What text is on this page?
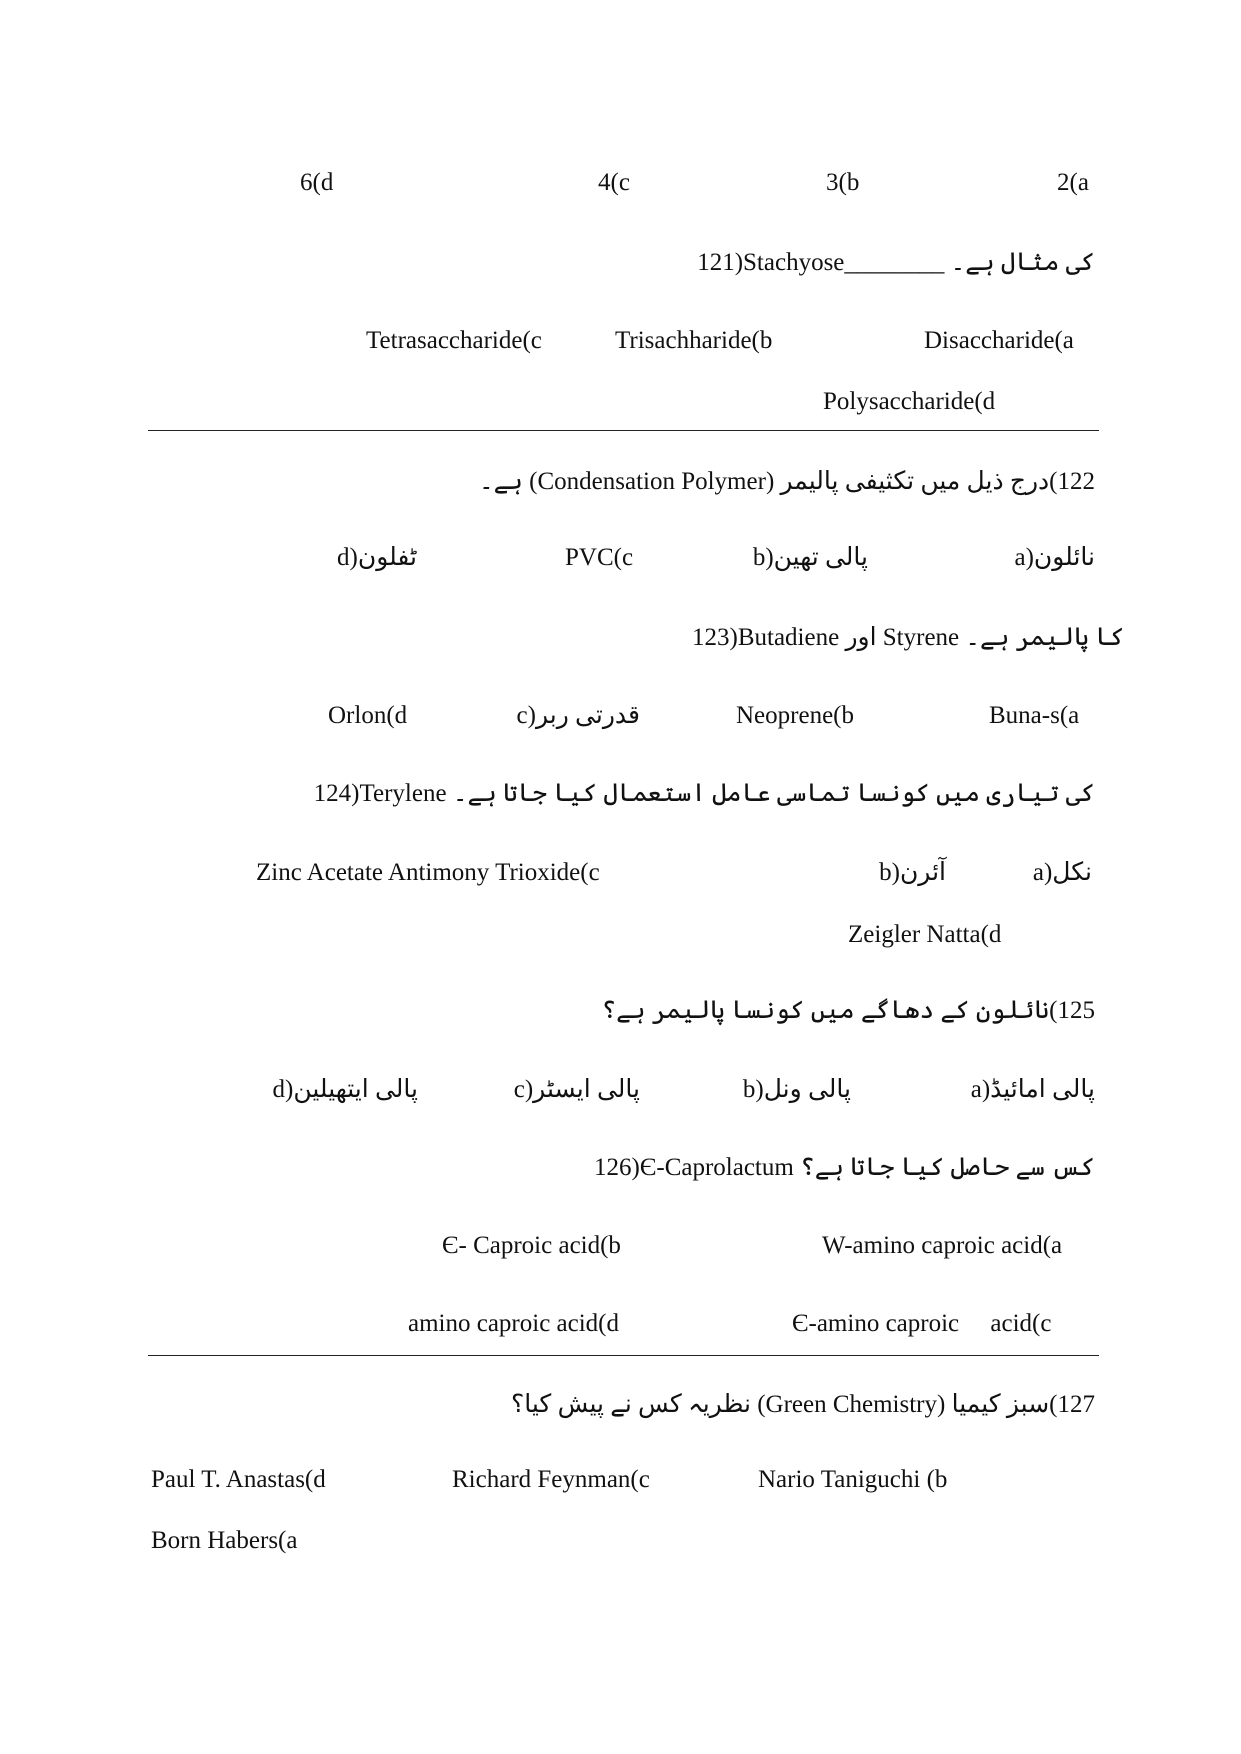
6(d	4(c	3(b	2(a
121)Stachyose________ کی مثال ہے۔
Tetrasaccharide(c	Trisachharide(b	Disaccharide(a
Polysaccharide(d
122)درج ذیل میں تکثیفی پالیمر (Condensation Polymer) ہے۔
d)ٹفلون	PVC(c	b)پالی تھین	a)نائلون
123)Butadiene اور Styrene کا پالیمر ہے۔
Orlon(d	c)قدرتی ربر	Neoprene(b	Buna-s(a
124)Terylene کی تیاری میں کونسا تماسی عامل استعمال کیا جاتا ہے۔
Zinc Acetate Antimony Trioxide(c	b)آئرن	a)نکل
Zeigler Natta(d
125)نائلون کے دھاگے میں کونسا پالیمر ہے؟
d)پالی ایتھیلین	c)پالی ایسٹر	b)پالی ونل	a)پالی امائیڈ
126)Є-Caprolactum کس سے حاصل کیا جاتا ہے؟
Є- Caproic acid(b	W-amino caproic acid(a
amino caproic acid(d	Є-amino caproic     acid(c
127)سبز کیمیا (Green Chemistry) نظریہ کس نے پیش کیا؟
Paul T. Anastas(d	Richard Feynman(c	Nario Taniguchi (b
Born Habers(a
